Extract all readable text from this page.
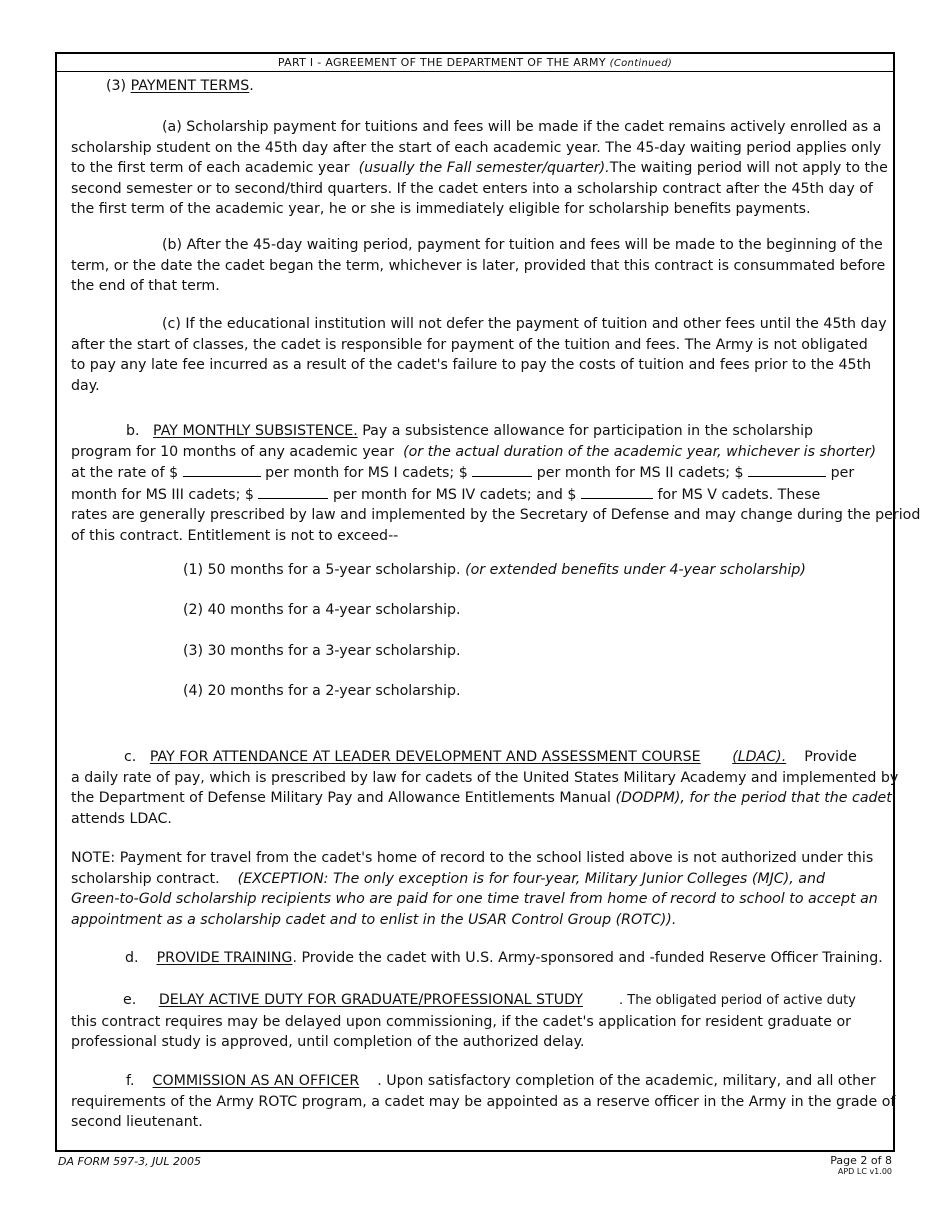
PART I - AGREEMENT OF THE DEPARTMENT OF THE ARMY (Continued)
(3) PAYMENT TERMS.
(a) Scholarship payment for tuitions and fees will be made if the cadet remains actively enrolled as a
scholarship student on the 45th day after the start of each academic year. The 45-day waiting period applies only
to the first term of each academic year (usually the Fall semester/quarter).The waiting period will not apply to the
second semester or to second/third quarters. If the cadet enters into a scholarship contract after the 45th day of
the first term of the academic year, he or she is immediately eligible for scholarship benefits payments.
(b) After the 45-day waiting period, payment for tuition and fees will be made to the beginning of the
term, or the date the cadet began the term, whichever is later, provided that this contract is consummated before
the end of that term.
(c) If the educational institution will not defer the payment of tuition and other fees until the 45th day
after the start of classes, the cadet is responsible for payment of the tuition and fees. The Army is not obligated
to pay any late fee incurred as a result of the cadet's failure to pay the costs of tuition and fees prior to the 45th
day.
b. PAY MONTHLY SUBSISTENCE. Pay a subsistence allowance for participation in the scholarship
program for 10 months of any academic year (or the actual duration of the academic year, whichever is shorter)
at the rate of $	per month for MS I cadets; $	per month for MS II cadets; $	per
month for MS III cadets; $	per month for MS IV cadets; and $	for MS V cadets. These
rates are generally prescribed by law and implemented by the Secretary of Defense and may change during the period
of this contract. Entitlement is not to exceed--
(1) 50 months for a 5-year scholarship. (or extended benefits under 4-year scholarship)
(2) 40 months for a 4-year scholarship.
(3) 30 months for a 3-year scholarship.
(4) 20 months for a 2-year scholarship.
c. PAY FOR ATTENDANCE AT LEADER DEVELOPMENT AND ASSESSMENT COURSE (LDAC). Provide
a daily rate of pay, which is prescribed by law for cadets of the United States Military Academy and implemented by
the Department of Defense Military Pay and Allowance Entitlements Manual (DODPM), for the period that the cadet
attends LDAC.
NOTE: Payment for travel from the cadet's home of record to the school listed above is not authorized under this
scholarship contract. (EXCEPTION: The only exception is for four-year, Military Junior Colleges (MJC), and
Green-to-Gold scholarship recipients who are paid for one time travel from home of record to school to accept an
appointment as a scholarship cadet and to enlist in the USAR Control Group (ROTC)).
d. PROVIDE TRAINING. Provide the cadet with U.S. Army-sponsored and -funded Reserve Officer Training.
e. DELAY ACTIVE DUTY FOR GRADUATE/PROFESSIONAL STUDY	. The obligated period of active duty
this contract requires may be delayed upon commissioning, if the cadet's application for resident graduate or
professional study is approved, until completion of the authorized delay.
f. COMMISSION AS AN OFFICER . Upon satisfactory completion of the academic, military, and all other
requirements of the Army ROTC program, a cadet may be appointed as a reserve officer in the Army in the grade of
second lieutenant.
DA FORM 597-3, JUL 2005	Page 2 of 8
APD LC v1.00
